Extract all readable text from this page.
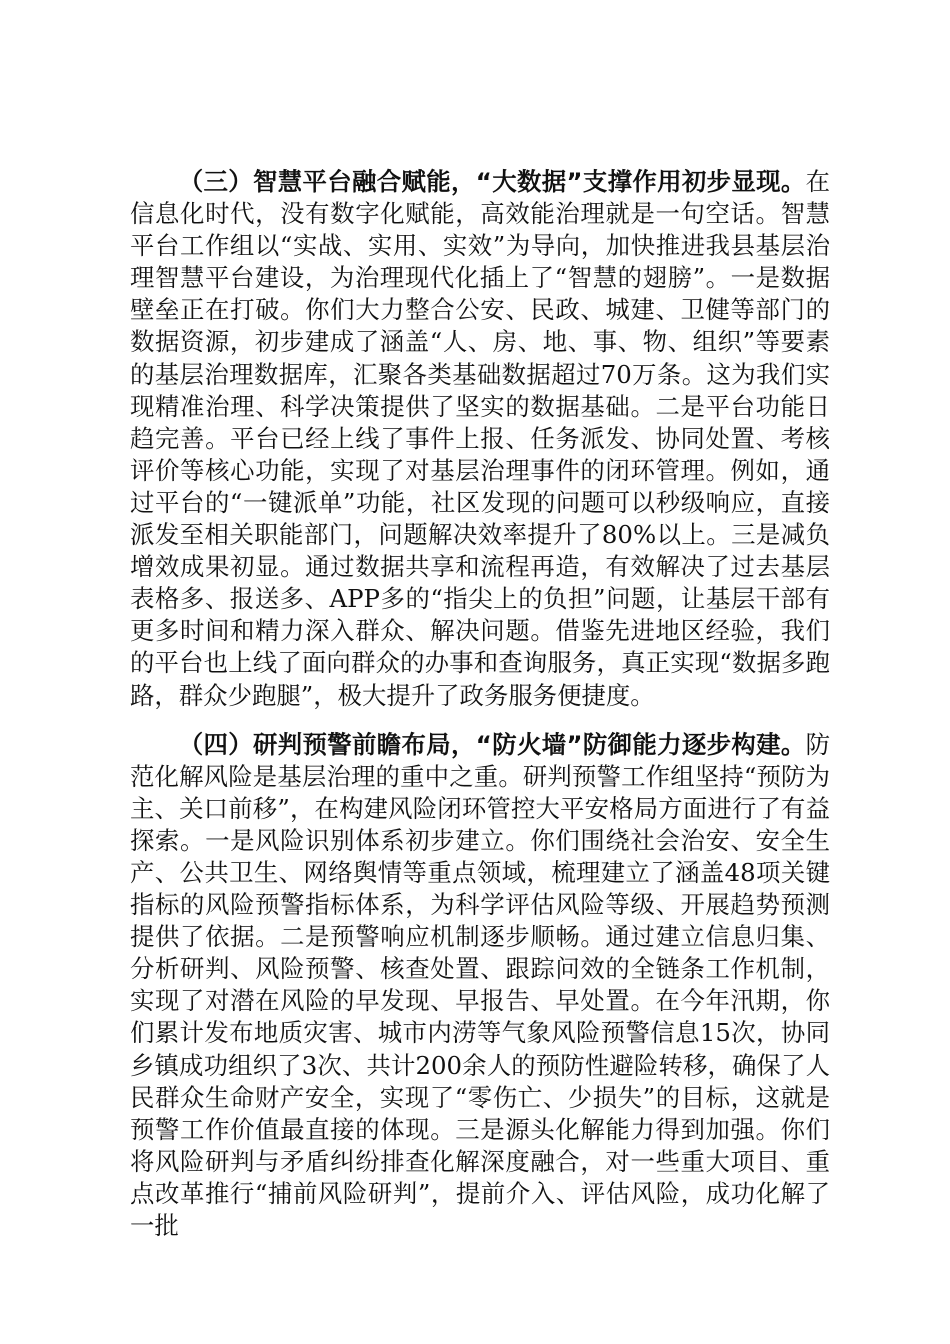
（三）智慧平台融合赋能，“大数据”支撑作用初步显现。在信息化时代，没有数字化赋能，高效能治理就是一句空话。智慧平台工作组以“实战、实用、实效”为导向，加快推进我县基层治理智慧平台建设，为治理现代化插上了“智慧的翅膀”。一是数据壁垒正在打破。你们大力整合公安、民政、城建、卫健等部门的数据资源，初步建成了涵盖“人、房、地、事、物、组织”等要素的基层治理数据库，汇聚各类基础数据超过70万条。这为我们实现精准治理、科学决策提供了坚实的数据基础。二是平台功能日趋完善。平台已经上线了事件上报、任务派发、协同处置、考核评价等核心功能，实现了对基层治理事件的闭环管理。例如，通过平台的“一键派单”功能，社区发现的问题可以秒级响应，直接派发至相关职能部门，问题解决效率提升了80%以上。三是减负增效成果初显。通过数据共享和流程再造，有效解决了过去基层表格多、报送多、APP多的“指尖上的负担”问题，让基层干部有更多时间和精力深入群众、解决问题。借鉴先进地区经验，我们的平台也上线了面向群众的办事和查询服务，真正实现“数据多跑路，群众少跑腿”，极大提升了政务服务便捷度。

（四）研判预警前瞻布局，“防火墙”防御能力逐步构建。防范化解风险是基层治理的重中之重。研判预警工作组坚持“预防为主、关口前移”，在构建风险闭环管控大平安格局方面进行了有益探索。一是风险识别体系初步建立。你们围绕社会治安、安全生产、公共卫生、网络舆情等重点领域，梳理建立了涵盖48项关键指标的风险预警指标体系，为科学评估风险等级、开展趋势预测提供了依据。二是预警响应机制逐步顺畅。通过建立信息归集、分析研判、风险预警、核查处置、跟踪问效的全链条工作机制，实现了对潜在风险的早发现、早报告、早处置。在今年汛期，你们累计发布地质灾害、城市内涝等气象风险预警信息15次，协同乡镇成功组织了3次、共计200余人的预防性避险转移，确保了人民群众生命财产安全，实现了“零伤亡、少损失”的目标，这就是预警工作价值最直接的体现。三是源头化解能力得到加强。你们将风险研判与矛盾纠纷排查化解深度融合，对一些重大项目、重点改革推行“捕前风险研判”，提前介入、评估风险，成功化解了一批
